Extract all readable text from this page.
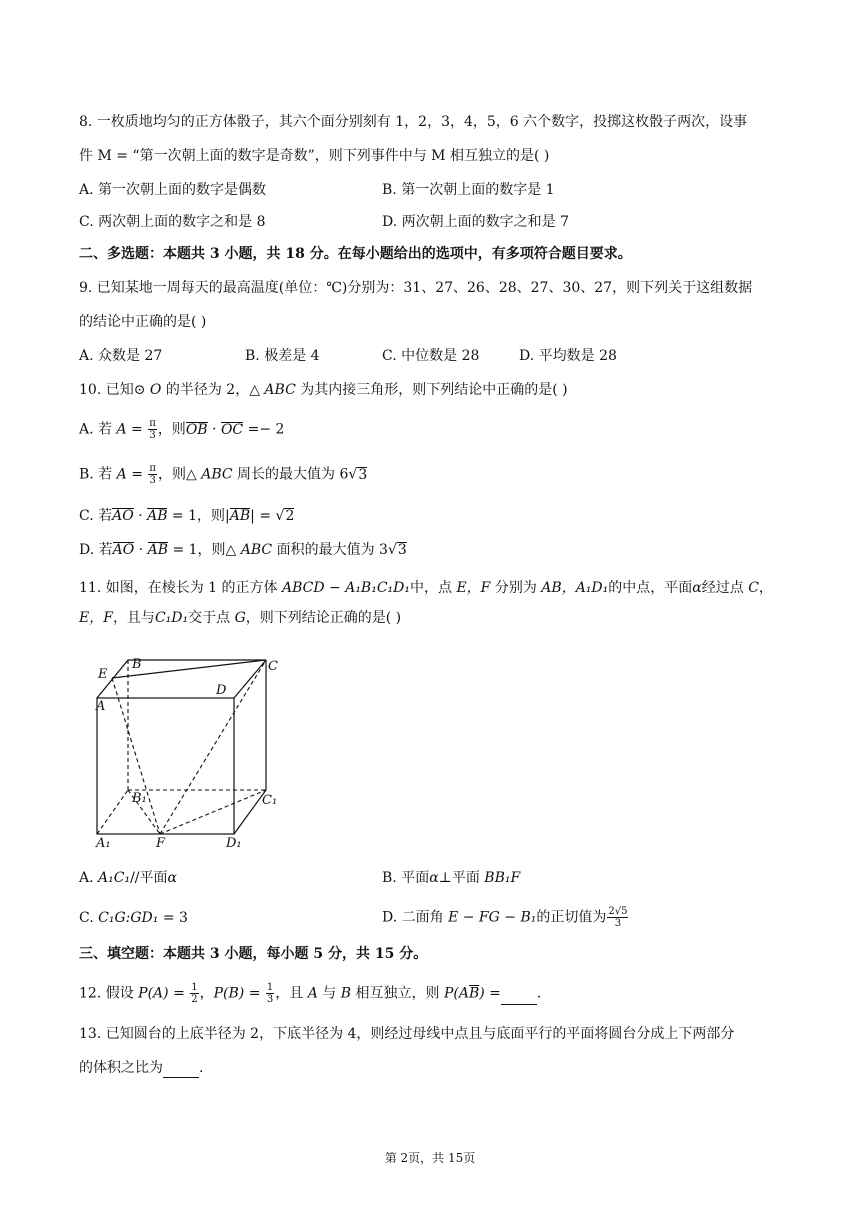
8. 一枚质地均匀的正方体骰子，其六个面分别刻有 1，2，3，4，5，6 六个数字，投掷这枚骰子两次，设事
件 M = “第一次朝上面的数字是奇数”，则下列事件中与 M 相互独立的是( )
A. 第一次朝上面的数字是偶数	B. 第一次朝上面的数字是 1
C. 两次朝上面的数字之和是 8	D. 两次朝上面的数字之和是 7
二、多选题：本题共 3 小题，共 18 分。在每小题给出的选项中，有多项符合题目要求。
9. 已知某地一周每天的最高温度(单位：℃)分别为：31、27、26、28、27、30、27，则下列关于这组数据
的结论中正确的是( )
A. 众数是 27	B. 极差是 4	C. 中位数是 28	D. 平均数是 28
10. 已知⊙ O 的半径为 2，△ ABC 为其内接三角形，则下列结论中正确的是( )
A. 若 $A = \frac{\pi}{3}$ ，则OB · OC =− 2
B. 若 $A = \frac{\pi}{3}$ ，则△ ABC 周长的最大值为 6√3
C. 若AO · AB = 1，则|AB| = √2
D. 若AO · AB = 1，则△ ABC 面积的最大值为 3√3
11. 如图，在棱长为 1 的正方体 ABCD − A₁B₁C₁D₁中，点 E，F 分别为 AB，A₁D₁的中点，平面α经过点 C，
E，F，且与C₁D₁交于点 G，则下列结论正确的是( )
E
B	C
D
A
B₁	C₁
A₁	F	D₁
A. A₁C₁//平面α	B. 平面α⊥平面 BB₁F
C. C₁G:GD₁ = 3	D. 二面角 E − FG − B₁的正切值为 $\frac{2√5}{3}$
三、填空题：本题共 3 小题，每小题 5 分，共 15 分。
12. 假设 $P(A) = \frac{1}{2}$ ，$P(B) = \frac{1}{3}$ ，且 A 与 B 相互独立，则 $P(A\overline{B})$ =	.
13. 已知圆台的上底半径为 2，下底半径为 4，则经过母线中点且与底面平行的平面将圆台分成上下两部分
的体积之比为	.
第 2页，共 15页
